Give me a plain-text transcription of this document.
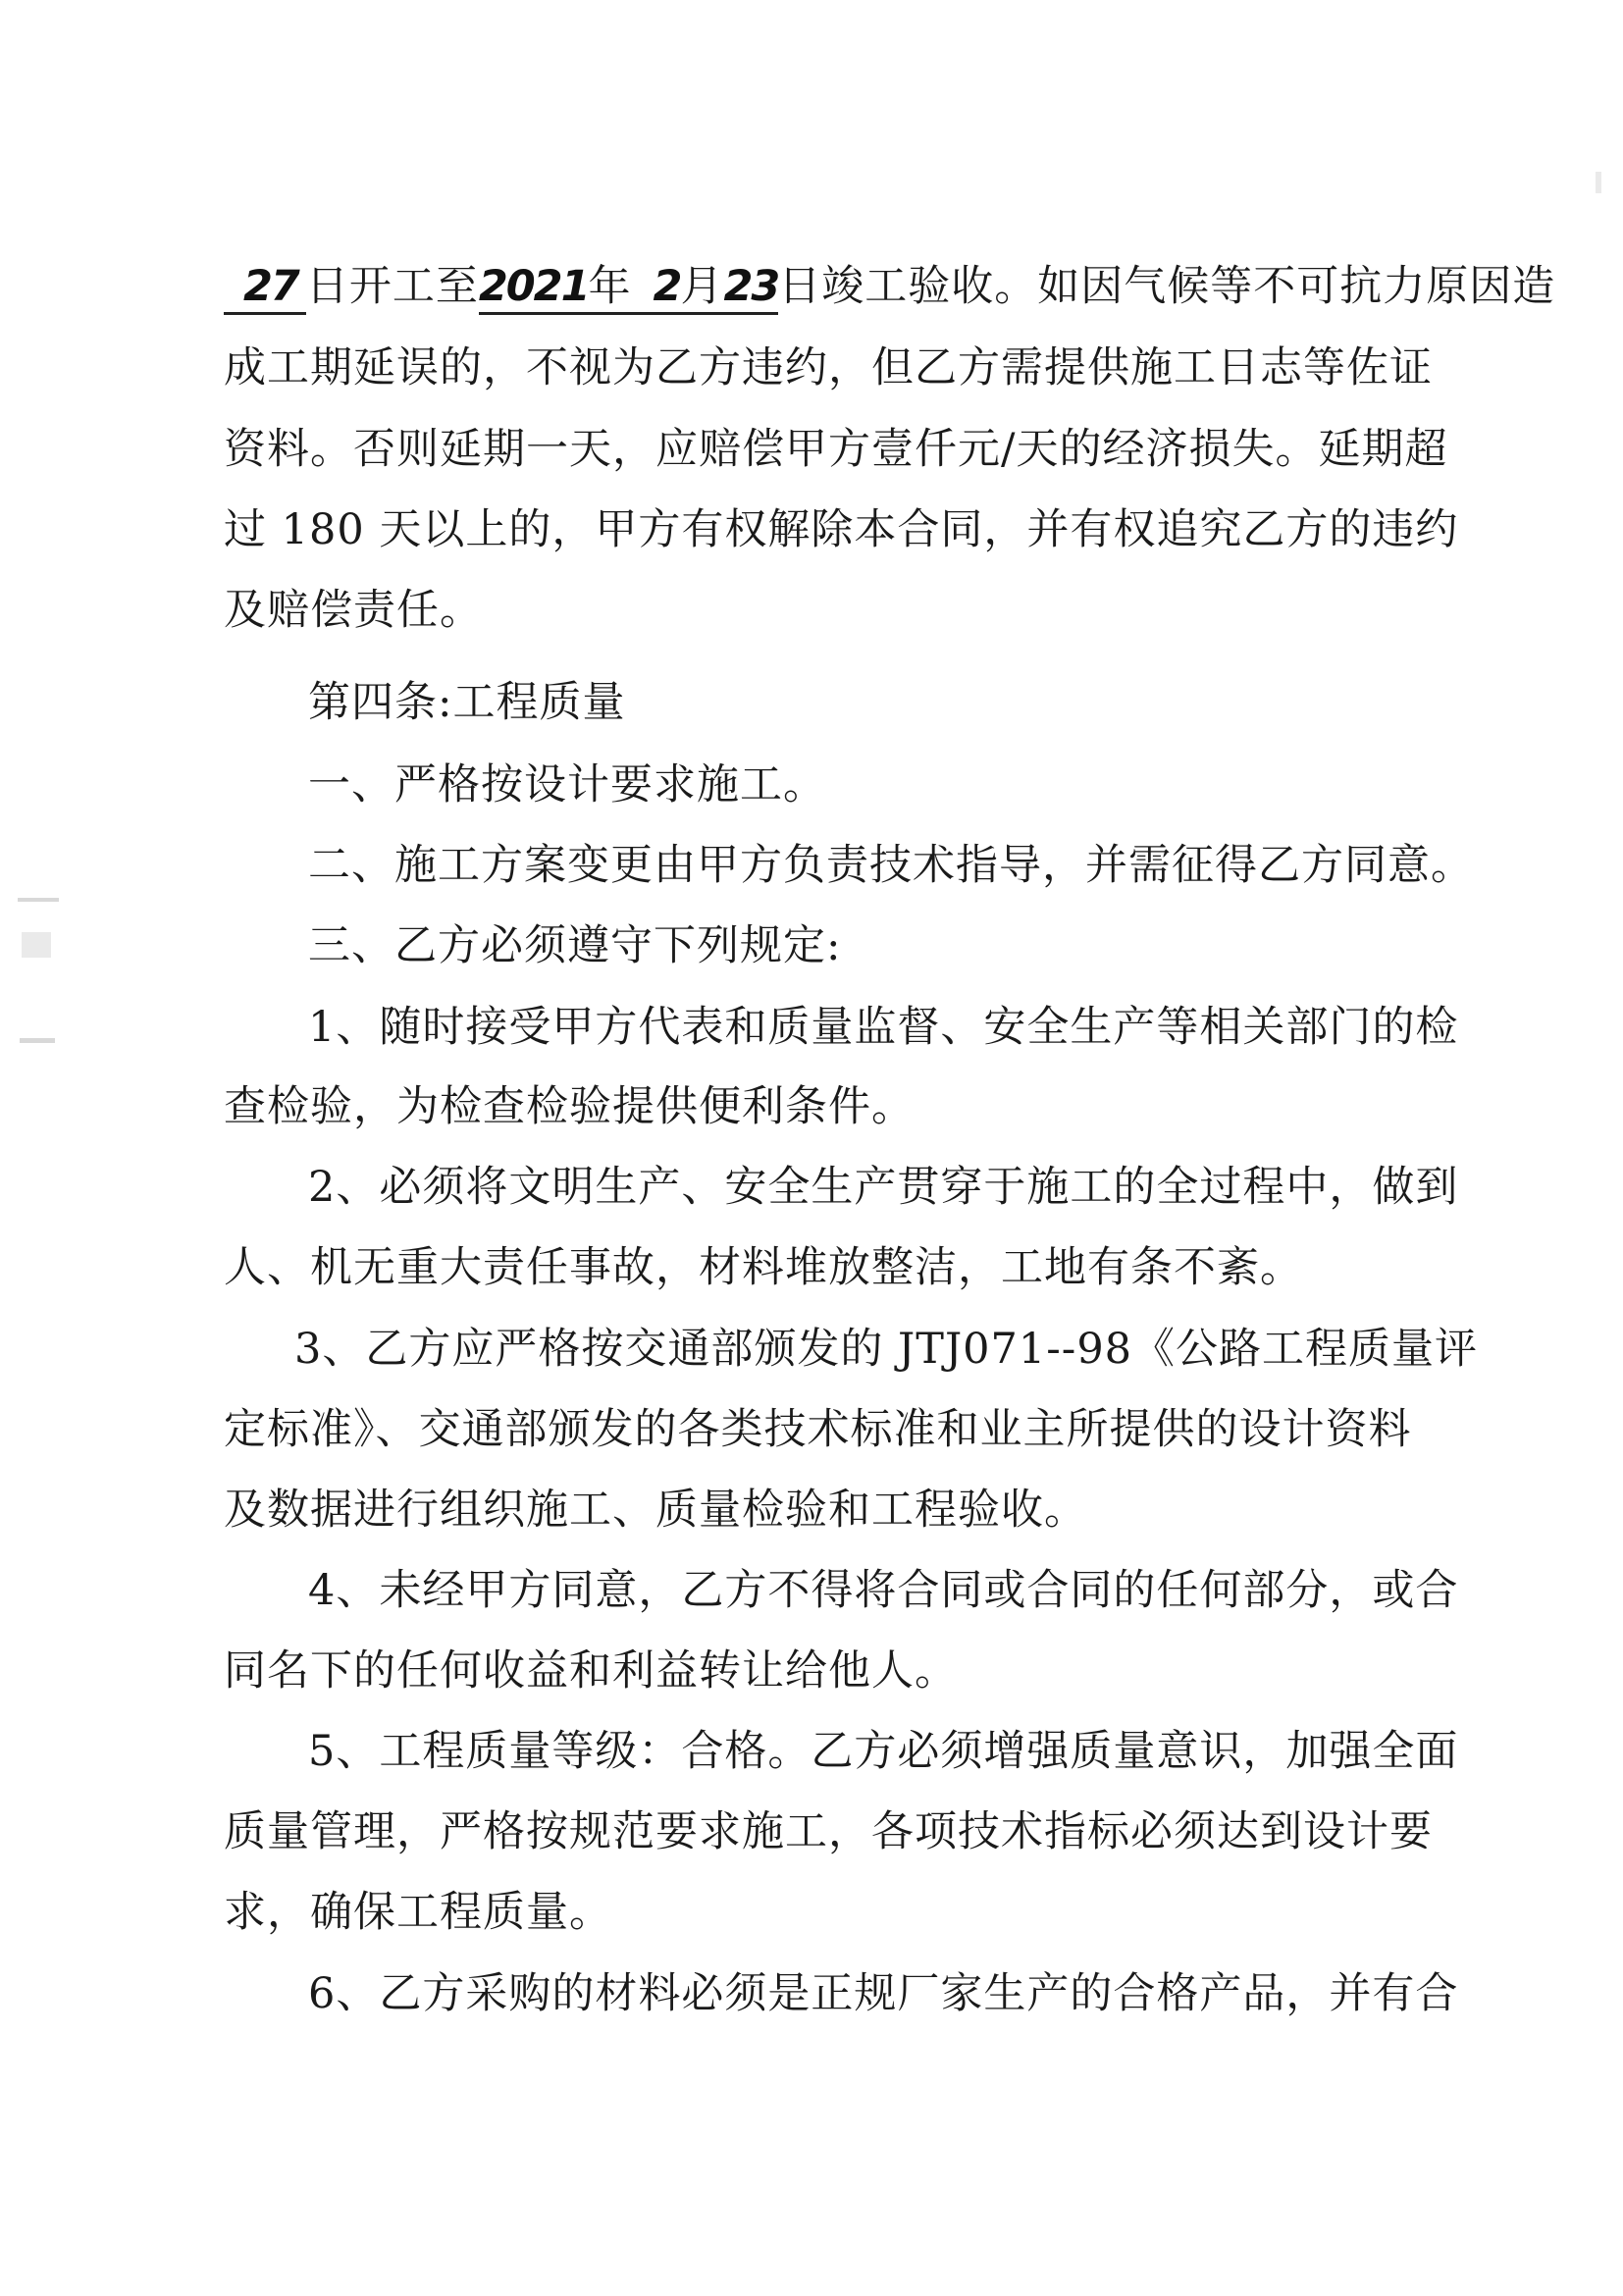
27 日开工至2021年 2月23日竣工验收。如因气候等不可抗力原因造
成工期延误的，不视为乙方违约，但乙方需提供施工日志等佐证
资料。否则延期一天，应赔偿甲方壹仟元/天的经济损失。延期超
过 180 天以上的，甲方有权解除本合同，并有权追究乙方的违约
及赔偿责任。
第四条:工程质量
一、严格按设计要求施工。
二、施工方案变更由甲方负责技术指导，并需征得乙方同意。
三、乙方必须遵守下列规定:
1、随时接受甲方代表和质量监督、安全生产等相关部门的检
查检验，为检查检验提供便利条件。
2、必须将文明生产、安全生产贯穿于施工的全过程中，做到
人、机无重大责任事故，材料堆放整洁，工地有条不紊。
3、乙方应严格按交通部颁发的 JTJ071--98《公路工程质量评
定标准》、交通部颁发的各类技术标准和业主所提供的设计资料
及数据进行组织施工、质量检验和工程验收。
4、未经甲方同意，乙方不得将合同或合同的任何部分，或合
同名下的任何收益和利益转让给他人。
5、工程质量等级：合格。乙方必须增强质量意识，加强全面
质量管理，严格按规范要求施工，各项技术指标必须达到设计要
求，确保工程质量。
6、乙方采购的材料必须是正规厂家生产的合格产品，并有合
